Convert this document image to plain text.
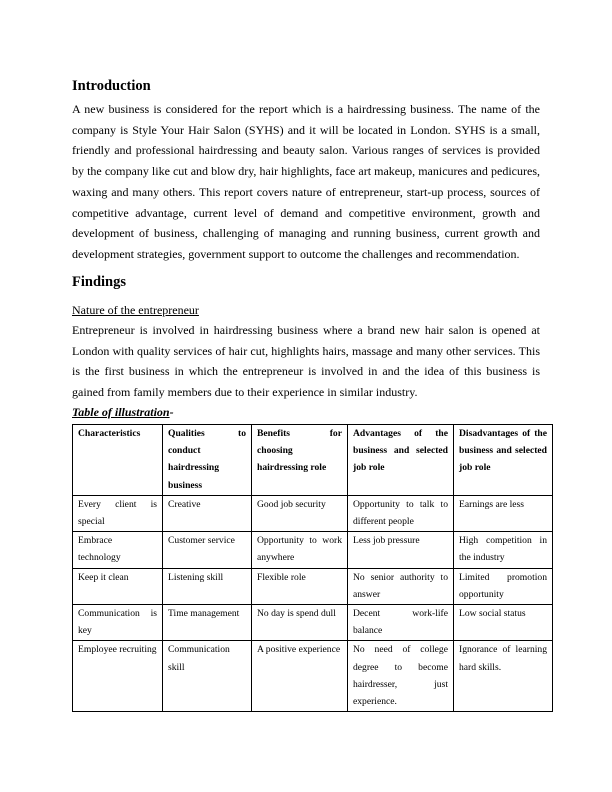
Introduction

A new business is considered for the report which is a hairdressing business. The name of the company is Style Your Hair Salon (SYHS) and it will be located in London. SYHS is a small, friendly and professional hairdressing and beauty salon. Various ranges of services is provided by the company like cut and blow dry, hair highlights, face art makeup, manicures and pedicures, waxing and many others. This report covers nature of entrepreneur, start-up process, sources of competitive advantage, current level of demand and competitive environment, growth and development of business, challenging of managing and running business, current growth and development strategies, government support to outcome the challenges and recommendation.

Findings

Nature of the entrepreneur

Entrepreneur is involved in hairdressing business where a brand new hair salon is opened at London with quality services of hair cut, highlights hairs, massage and many other services. This is the first business in which the entrepreneur is involved in and the idea of this business is gained from family members due to their experience in similar industry.

Table of illustration-

Characteristics	Qualities to conduct hairdressing business	Benefits for choosing hairdressing role	Advantages of the business and selected job role	Disadvantages of the business and selected job role
Every client is special	Creative	Good job security	Opportunity to talk to different people	Earnings are less
Embrace technology	Customer service	Opportunity to work anywhere	Less job pressure	High competition in the industry
Keep it clean	Listening skill	Flexible role	No senior authority to answer	Limited promotion opportunity
Communication is key	Time management	No day is spend dull	Decent work-life balance	Low social status
Employee recruiting	Communication skill	A positive experience	No need of college degree to become hairdresser, just experience.	Ignorance of learning hard skills.
